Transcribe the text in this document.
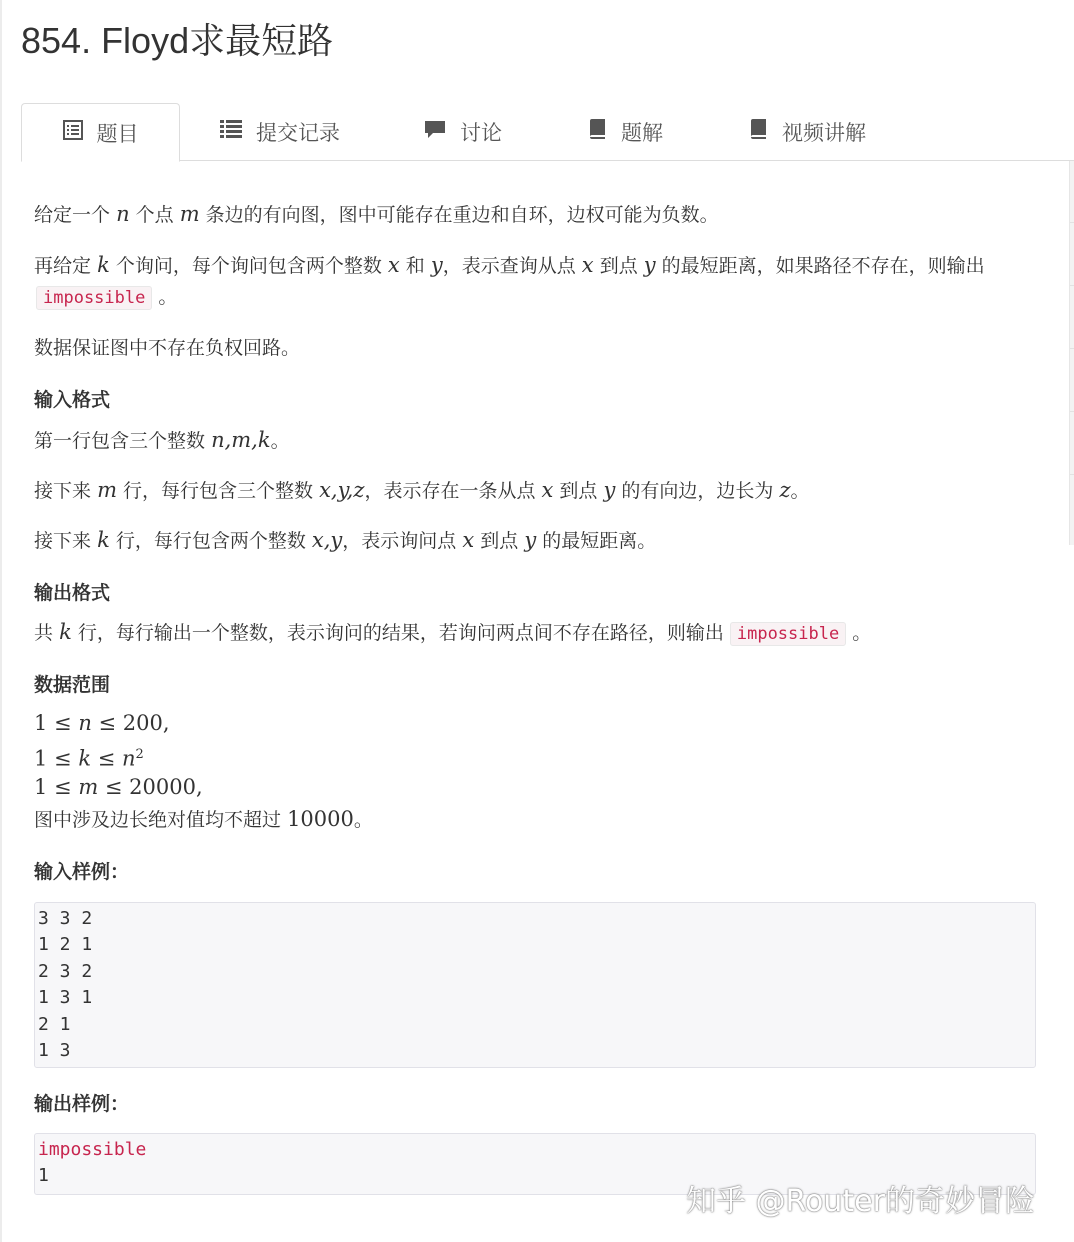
854. Floyd求最短路
题目	提交记录	讨论	题解	视频讲解
给定一个 n 个点 m 条边的有向图，图中可能存在重边和自环，边权可能为负数。
再给定 k 个询问，每个询问包含两个整数 x 和 y，表示查询从点 x 到点 y 的最短距离，如果路径不存在，则输出
impossible 。
数据保证图中不存在负权回路。
输入格式
第一行包含三个整数 n,m,k。
接下来 m 行，每行包含三个整数 x,y,z，表示存在一条从点 x 到点 y 的有向边，边长为 z。
接下来 k 行，每行包含两个整数 x,y，表示询问点 x 到点 y 的最短距离。
输出格式
共 k 行，每行输出一个整数，表示询问的结果，若询问两点间不存在路径，则输出 impossible 。
数据范围
1 ≤ n ≤ 200,
$1 \le k \le n^2$
1 ≤ m ≤ 20000,
图中涉及边长绝对值均不超过 10000。
输入样例：
3 3 2
1 2 1
2 3 2
1 3 1
2 1
1 3
输出样例：
impossible
1
知乎 @Router的奇妙冒险
